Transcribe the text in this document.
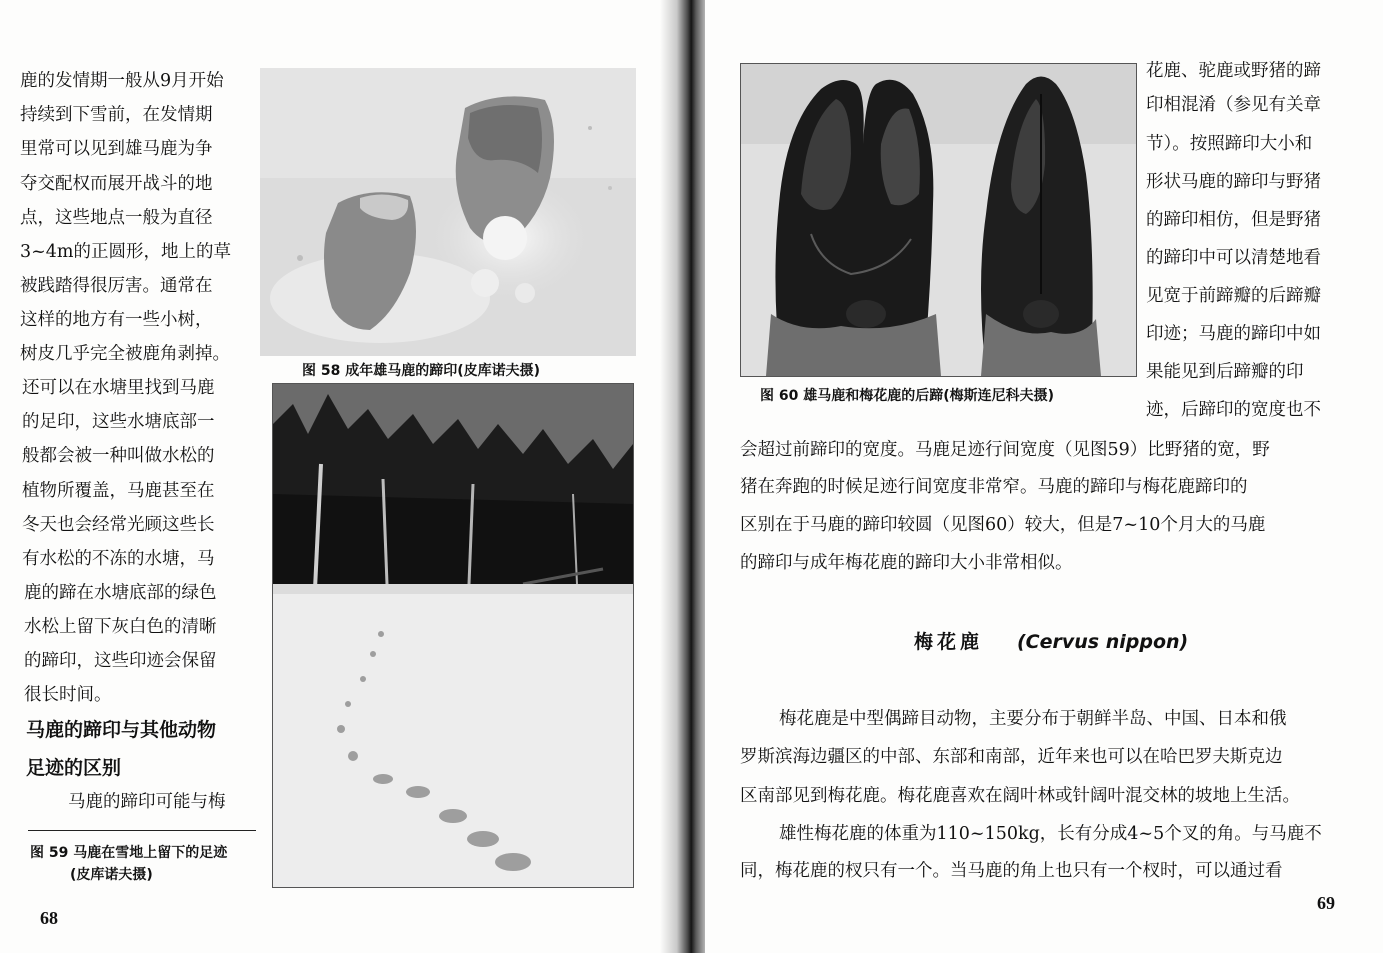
鹿的发情期一般从9月开始
持续到下雪前，在发情期
里常可以见到雄马鹿为争
夺交配权而展开战斗的地
点，这些地点一般为直径
3~4m的正圆形，地上的草
被践踏得很厉害。通常在
这样的地方有一些小树，
树皮几乎完全被鹿角剥掉。
还可以在水塘里找到马鹿
的足印，这些水塘底部一
般都会被一种叫做水松的
植物所覆盖，马鹿甚至在
冬天也会经常光顾这些长
有水松的不冻的水塘，马
鹿的蹄在水塘底部的绿色
水松上留下灰白色的清晰
的蹄印，这些印迹会保留
很长时间。
马鹿的蹄印与其他动物
足迹的区别
马鹿的蹄印可能与梅
图 59 马鹿在雪地上留下的足迹
(皮库诺夫摄)
图 58 成年雄马鹿的蹄印(皮库诺夫摄)
68
图 60 雄马鹿和梅花鹿的后蹄(梅斯连尼科夫摄)
花鹿、驼鹿或野猪的蹄
印相混淆（参见有关章
节）。按照蹄印大小和
形状马鹿的蹄印与野猪
的蹄印相仿，但是野猪
的蹄印中可以清楚地看
见宽于前蹄瓣的后蹄瓣
印迹；马鹿的蹄印中如
果能见到后蹄瓣的印
迹，后蹄印的宽度也不
会超过前蹄印的宽度。马鹿足迹行间宽度（见图59）比野猪的宽，野
猪在奔跑的时候足迹行间宽度非常窄。马鹿的蹄印与梅花鹿蹄印的
区别在于马鹿的蹄印较圆（见图60）较大，但是7~10个月大的马鹿
的蹄印与成年梅花鹿的蹄印大小非常相似。
梅花鹿 (Cervus nippon)
梅花鹿是中型偶蹄目动物，主要分布于朝鲜半岛、中国、日本和俄
罗斯滨海边疆区的中部、东部和南部，近年来也可以在哈巴罗夫斯克边
区南部见到梅花鹿。梅花鹿喜欢在阔叶林或针阔叶混交林的坡地上生活。
雄性梅花鹿的体重为110~150kg，长有分成4~5个叉的角。与马鹿不
同，梅花鹿的杈只有一个。当马鹿的角上也只有一个杈时，可以通过看
69
